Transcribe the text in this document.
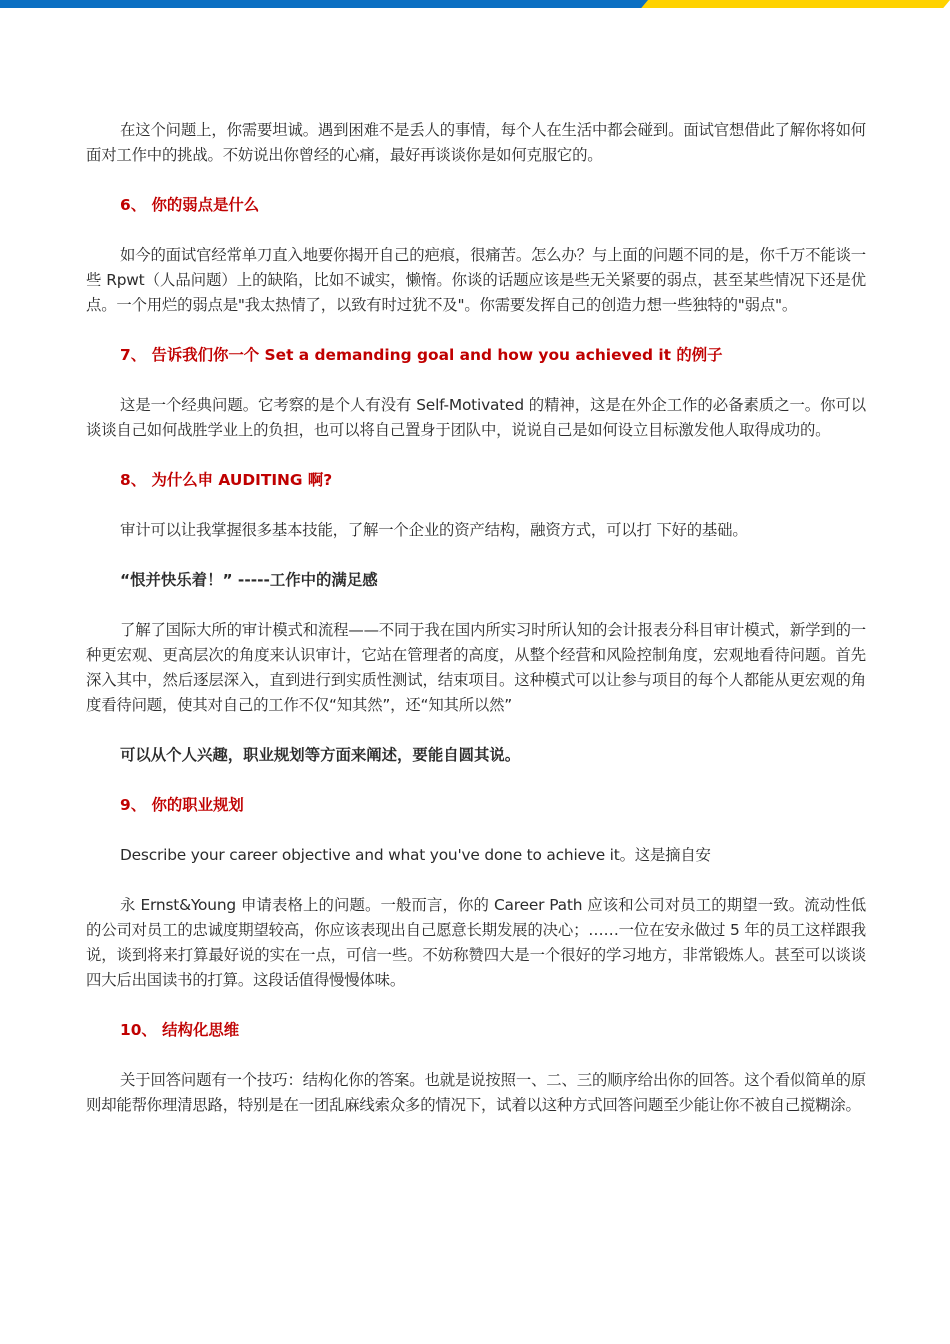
在这个问题上，你需要坦诚。遇到困难不是丢人的事情，每个人在生活中都会碰到。面试官想借此了解你将如何面对工作中的挑战。不妨说出你曾经的心痛，最好再谈谈你是如何克服它的。

6、 你的弱点是什么

如今的面试官经常单刀直入地要你揭开自己的疤痕，很痛苦。怎么办？与上面的问题不同的是，你千万不能谈一些 Rpwt（人品问题）上的缺陷，比如不诚实，懒惰。你谈的话题应该是些无关紧要的弱点，甚至某些情况下还是优点。一个用烂的弱点是"我太热情了，以致有时过犹不及"。你需要发挥自己的创造力想一些独特的"弱点"。

7、 告诉我们你一个 Set a demanding goal and how you achieved it 的例子

这是一个经典问题。它考察的是个人有没有 Self-Motivated 的精神，这是在外企工作的必备素质之一。你可以谈谈自己如何战胜学业上的负担，也可以将自己置身于团队中，说说自己是如何设立目标激发他人取得成功的。

8、 为什么申 AUDITING 啊?

审计可以让我掌握很多基本技能，了解一个企业的资产结构，融资方式，可以打 下好的基础。

“恨并快乐着！” -----工作中的满足感

了解了国际大所的审计模式和流程——不同于我在国内所实习时所认知的会计报表分科目审计模式，新学到的一种更宏观、更高层次的角度来认识审计，它站在管理者的高度，从整个经营和风险控制角度，宏观地看待问题。首先深入其中，然后逐层深入，直到进行到实质性测试，结束项目。这种模式可以让参与项目的每个人都能从更宏观的角度看待问题，使其对自己的工作不仅“知其然”，还“知其所以然”

可以从个人兴趣，职业规划等方面来阐述，要能自圆其说。

9、 你的职业规划

Describe your career objective and what you've done to achieve it。这是摘自安

永 Ernst&Young 申请表格上的问题。一般而言，你的 Career Path 应该和公司对员工的期望一致。流动性低的公司对员工的忠诚度期望较高，你应该表现出自己愿意长期发展的决心；……一位在安永做过 5 年的员工这样跟我说，谈到将来打算最好说的实在一点，可信一些。不妨称赞四大是一个很好的学习地方，非常锻炼人。甚至可以谈谈四大后出国读书的打算。这段话值得慢慢体味。

10、 结构化思维

关于回答问题有一个技巧：结构化你的答案。也就是说按照一、二、三的顺序给出你的回答。这个看似简单的原则却能帮你理清思路，特别是在一团乱麻线索众多的情况下，试着以这种方式回答问题至少能让你不被自己搅糊涂。
